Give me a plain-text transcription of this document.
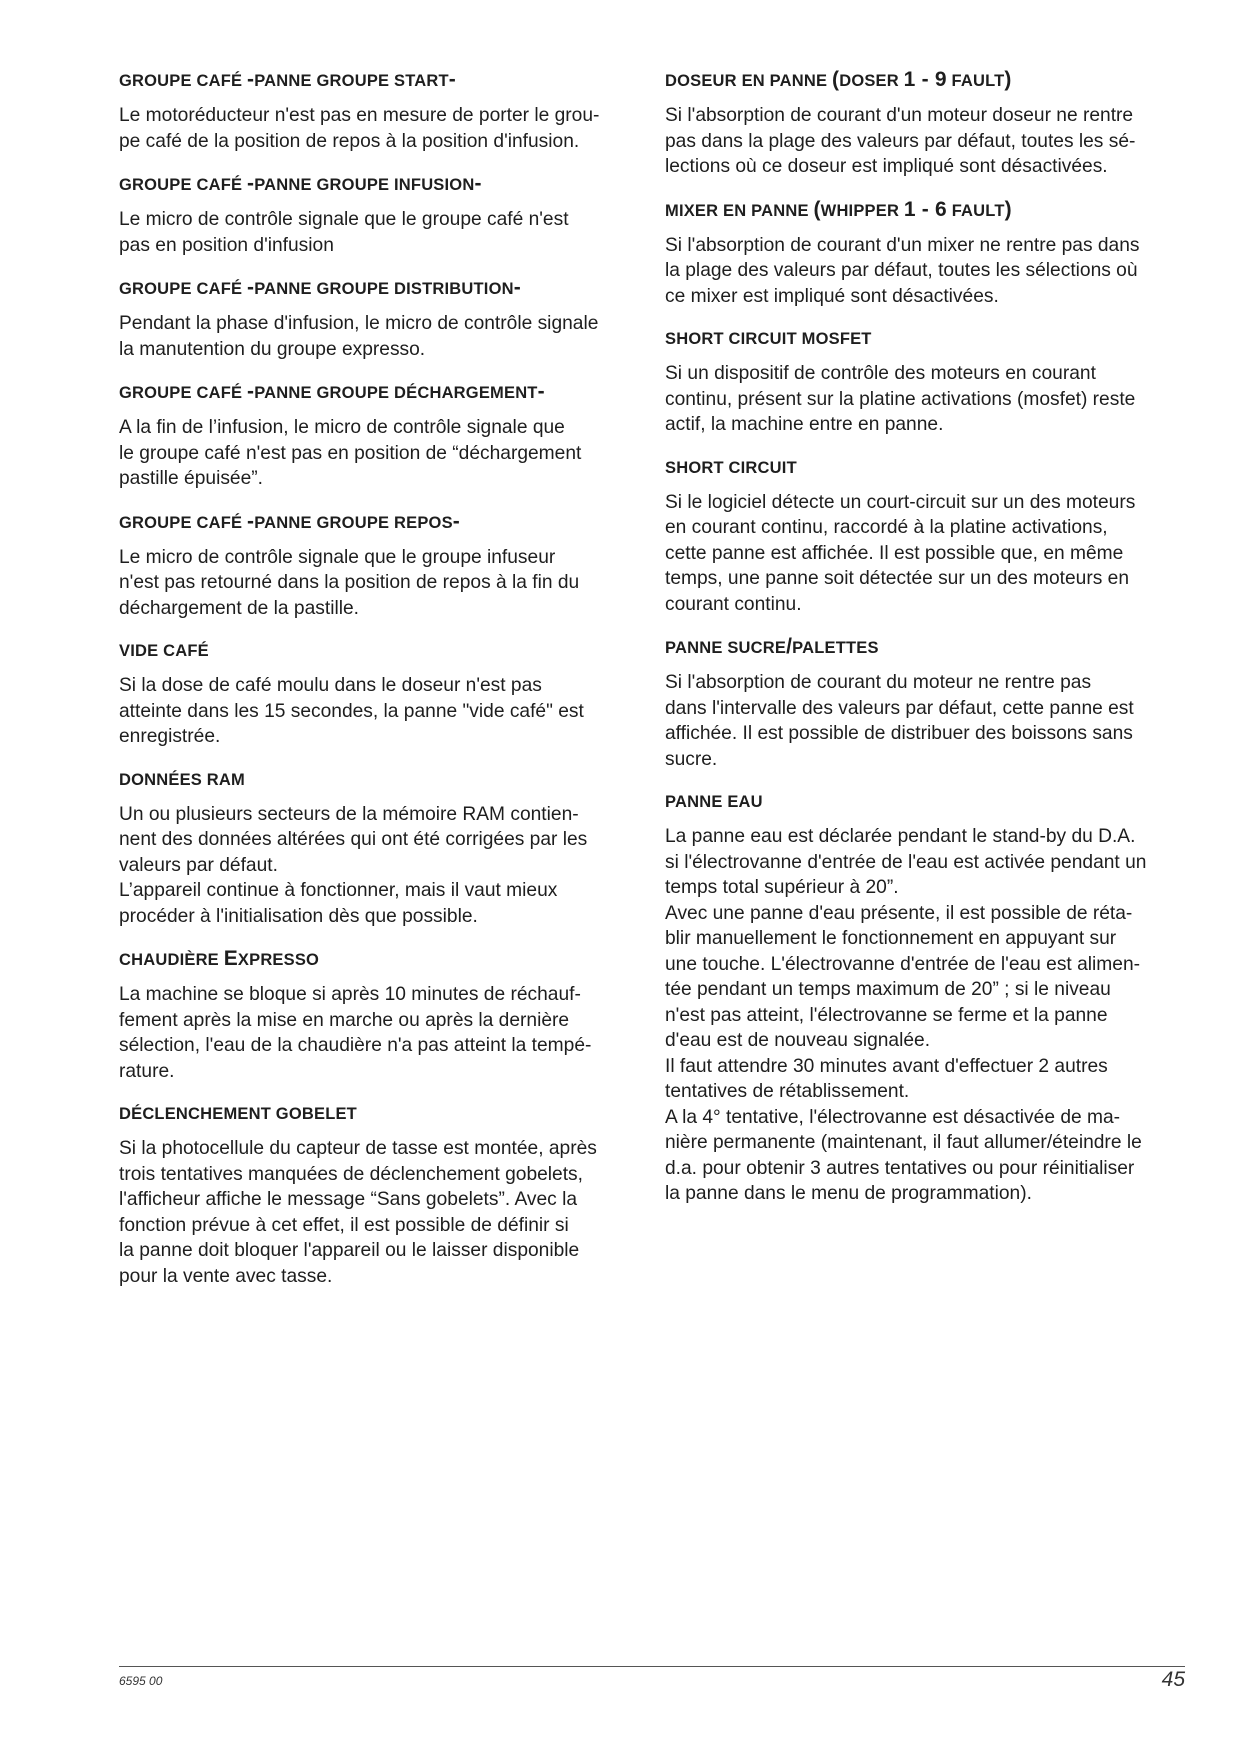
GROUPE CAFÉ -PANNE GROUPE START-

Le motoréducteur n'est pas en mesure de porter le grou-
pe café de la position de repos à la position d'infusion.

GROUPE CAFÉ -PANNE GROUPE INFUSION-

Le micro de contrôle signale que le groupe café n'est
pas en position d'infusion

GROUPE CAFÉ -PANNE GROUPE DISTRIBUTION-

Pendant la phase d'infusion, le micro de contrôle signale
la manutention du groupe expresso.

GROUPE CAFÉ -PANNE GROUPE DÉCHARGEMENT-

A la fin de l’infusion, le micro de contrôle signale que
le groupe café n'est pas en position de “déchargement
pastille épuisée”.

GROUPE CAFÉ -PANNE GROUPE REPOS-

Le micro de contrôle signale que le groupe infuseur
n'est pas retourné dans la position de repos à la fin du
déchargement de la pastille.

VIDE CAFÉ

Si la dose de café moulu dans le doseur n'est pas
atteinte dans les 15 secondes, la panne "vide café" est
enregistrée.

DONNÉES RAM

Un ou plusieurs secteurs de la mémoire RAM contien-
nent des données altérées qui ont été corrigées par les
valeurs par défaut.
L’appareil continue à fonctionner, mais il vaut mieux
procéder à l'initialisation dès que possible.

CHAUDIÈRE EXPRESSO

La machine se bloque si après 10 minutes de réchauf-
fement après la mise en marche ou après la dernière
sélection, l'eau de la chaudière n'a pas atteint la tempé-
rature.

DÉCLENCHEMENT GOBELET

Si la photocellule du capteur de tasse est montée, après
trois tentatives manquées de déclenchement gobelets,
l'afficheur affiche le message “Sans gobelets”. Avec la
fonction prévue à cet effet, il est possible de définir si
la panne doit bloquer l'appareil ou le laisser disponible
pour la vente avec tasse.

DOSEUR EN PANNE (DOSER 1 - 9 FAULT)

Si l'absorption de courant d'un moteur doseur ne rentre
pas dans la plage des valeurs par défaut, toutes les sé-
lections où ce doseur est impliqué sont désactivées.

MIXER EN PANNE (WHIPPER 1 - 6 FAULT)

Si l'absorption de courant d'un mixer ne rentre pas dans
la plage des valeurs par défaut, toutes les sélections où
ce mixer est impliqué sont désactivées.

SHORT CIRCUIT MOSFET

Si un dispositif de contrôle des moteurs en courant
continu, présent sur la platine activations (mosfet) reste
actif, la machine entre en panne.

SHORT CIRCUIT

Si le logiciel détecte un court-circuit sur un des moteurs
en courant continu, raccordé à la platine activations,
cette panne est affichée. Il est possible que, en même
temps, une panne soit détectée sur un des moteurs en
courant continu.

PANNE SUCRE/PALETTES

Si l'absorption de courant du moteur ne rentre pas
dans l'intervalle des valeurs par défaut, cette panne est
affichée. Il est possible de distribuer des boissons sans
sucre.

PANNE EAU

La panne eau est déclarée pendant le stand-by du D.A.
si l'électrovanne d'entrée de l'eau est activée pendant un
temps total supérieur à 20”.
Avec une panne d'eau présente, il est possible de réta-
blir manuellement le fonctionnement en appuyant sur
une touche. L'électrovanne d'entrée de l'eau est alimen-
tée pendant un temps maximum de 20” ; si le niveau
n'est pas atteint, l'électrovanne se ferme et la panne
d'eau est de nouveau signalée.
Il faut attendre 30 minutes avant d'effectuer 2 autres
tentatives de rétablissement.
A la 4° tentative, l'électrovanne est désactivée de ma-
nière permanente (maintenant, il faut allumer/éteindre le
d.a. pour obtenir 3 autres tentatives ou pour réinitialiser
la panne dans le menu de programmation).

6595 00	45
